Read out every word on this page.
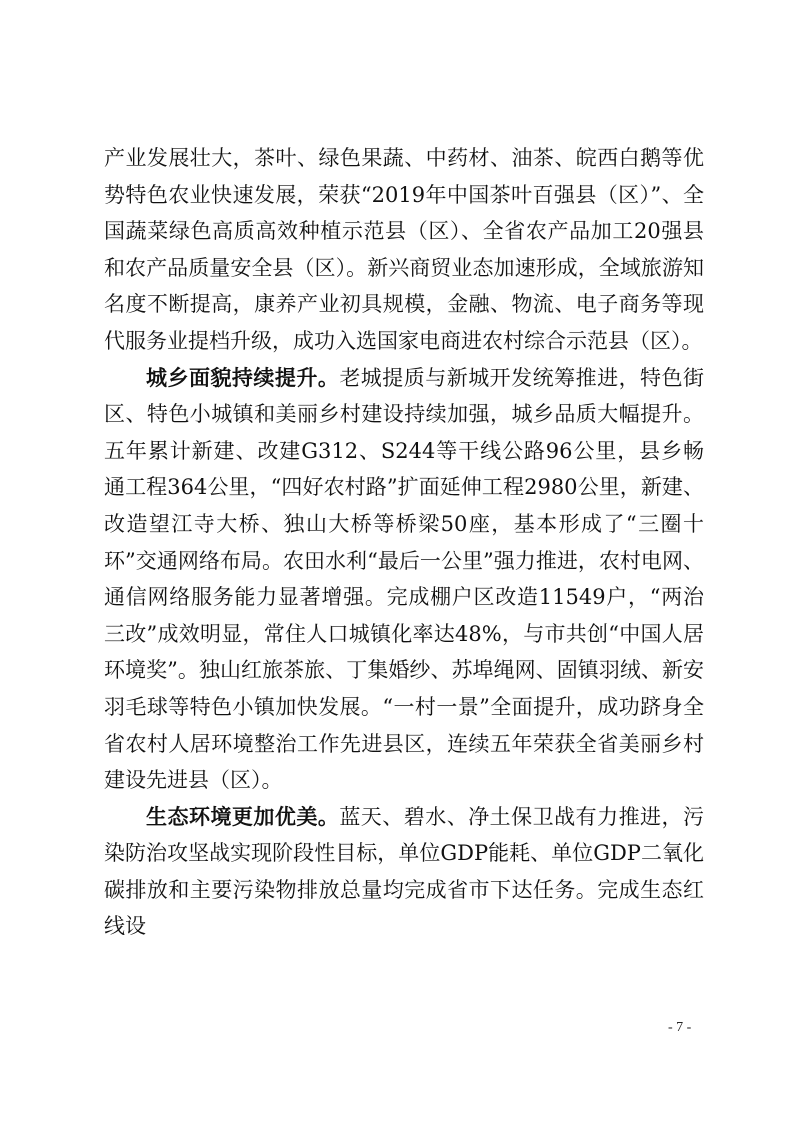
产业发展壮大，茶叶、绿色果蔬、中药材、油茶、皖西白鹅等优势特色农业快速发展，荣获“2019年中国茶叶百强县（区）”、全国蔬菜绿色高质高效种植示范县（区）、全省农产品加工20强县和农产品质量安全县（区）。新兴商贸业态加速形成，全域旅游知名度不断提高，康养产业初具规模，金融、物流、电子商务等现代服务业提档升级，成功入选国家电商进农村综合示范县（区）。

城乡面貌持续提升。老城提质与新城开发统筹推进，特色街区、特色小城镇和美丽乡村建设持续加强，城乡品质大幅提升。五年累计新建、改建G312、S244等干线公路96公里，县乡畅通工程364公里，“四好农村路”扩面延伸工程2980公里，新建、改造望江寺大桥、独山大桥等桥梁50座，基本形成了“三圈十环”交通网络布局。农田水利“最后一公里”强力推进，农村电网、通信网络服务能力显著增强。完成棚户区改造11549户，“两治三改”成效明显，常住人口城镇化率达48%，与市共创“中国人居环境奖”。独山红旅茶旅、丁集婚纱、苏埠绳网、固镇羽绒、新安羽毛球等特色小镇加快发展。“一村一景”全面提升，成功跻身全省农村人居环境整治工作先进县区，连续五年荣获全省美丽乡村建设先进县（区）。

生态环境更加优美。蓝天、碧水、净土保卫战有力推进，污染防治攻坚战实现阶段性目标，单位GDP能耗、单位GDP二氧化碳排放和主要污染物排放总量均完成省市下达任务。完成生态红线设

- 7 -
